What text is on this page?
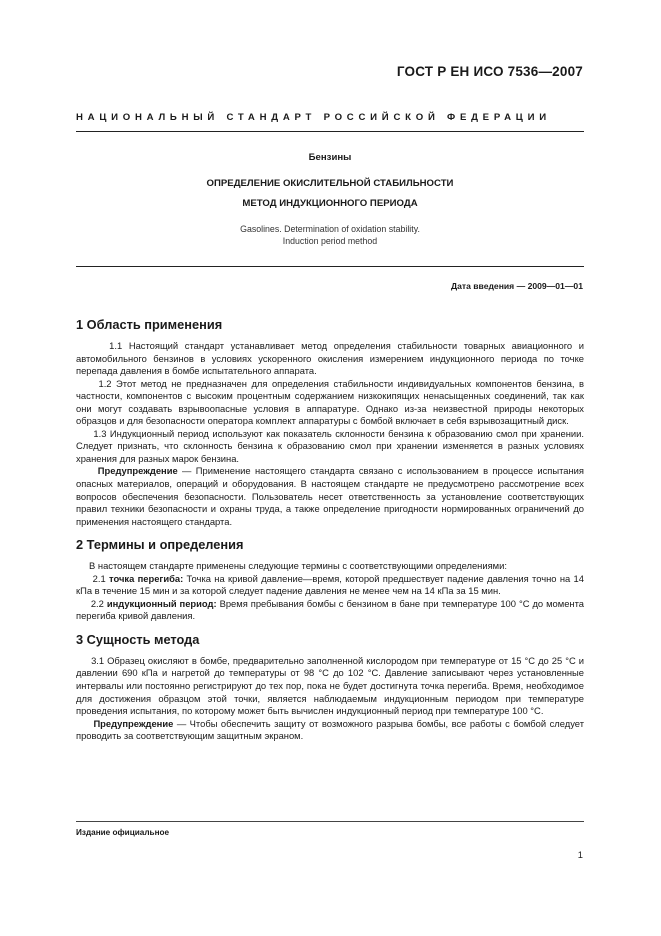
ГОСТ Р ЕН ИСО 7536—2007
НАЦИОНАЛЬНЫЙ СТАНДАРТ РОССИЙСКОЙ ФЕДЕРАЦИИ
Бензины
ОПРЕДЕЛЕНИЕ ОКИСЛИТЕЛЬНОЙ СТАБИЛЬНОСТИ
МЕТОД ИНДУКЦИОННОГО ПЕРИОДА
Gasolines. Determination of oxidation stability.
Induction period method
Дата введения — 2009—01—01
1 Область применения

1.1 Настоящий стандарт устанавливает метод определения стабильности товарных авиационного и автомобильного бензинов в условиях ускоренного окисления измерением индукционного периода по точке перепада давления в бомбе испытательного аппарата.

1.2 Этот метод не предназначен для определения стабильности индивидуальных компонентов бензина, в частности, компонентов с высоким процентным содержанием низкокипящих ненасыщенных соединений, так как они могут создавать взрывоопасные условия в аппаратуре. Однако из-за неизвестной природы некоторых образцов и для безопасности оператора комплект аппаратуры с бомбой включает в себя взрывозащитный диск.

1.3 Индукционный период используют как показатель склонности бензина к образованию смол при хранении. Следует признать, что склонность бензина к образованию смол при хранении изменяется в разных условиях хранения для разных марок бензина.

Предупреждение — Применение настоящего стандарта связано с использованием в процессе испытания опасных материалов, операций и оборудования. В настоящем стандарте не предусмотрено рассмотрение всех вопросов обеспечения безопасности. Пользователь несет ответственность за установление соответствующих правил техники безопасности и охраны труда, а также определение пригодности нормированных ограничений до применения настоящего стандарта.

2 Термины и определения

В настоящем стандарте применены следующие термины с соответствующими определениями:

2.1 точка перегиба: Точка на кривой давление—время, которой предшествует падение давления точно на 14 кПа в течение 15 мин и за которой следует падение давления не менее чем на 14 кПа за 15 мин.

2.2 индукционный период: Время пребывания бомбы с бензином в бане при температуре 100 °С до момента перегиба кривой давления.

3 Сущность метода

3.1 Образец окисляют в бомбе, предварительно заполненной кислородом при температуре от 15 °С до 25 °С и давлении 690 кПа и нагретой до температуры от 98 °С до 102 °С. Давление записывают через установленные интервалы или постоянно регистрируют до тех пор, пока не будет достигнута точка перегиба. Время, необходимое для достижения образцом этой точки, является наблюдаемым индукционным периодом при температуре проведения испытания, по которому может быть вычислен индукционный период при температуре 100 °С.

Предупреждение — Чтобы обеспечить защиту от возможного разрыва бомбы, все работы с бомбой следует проводить за соответствующим защитным экраном.

Издание официальное
1
